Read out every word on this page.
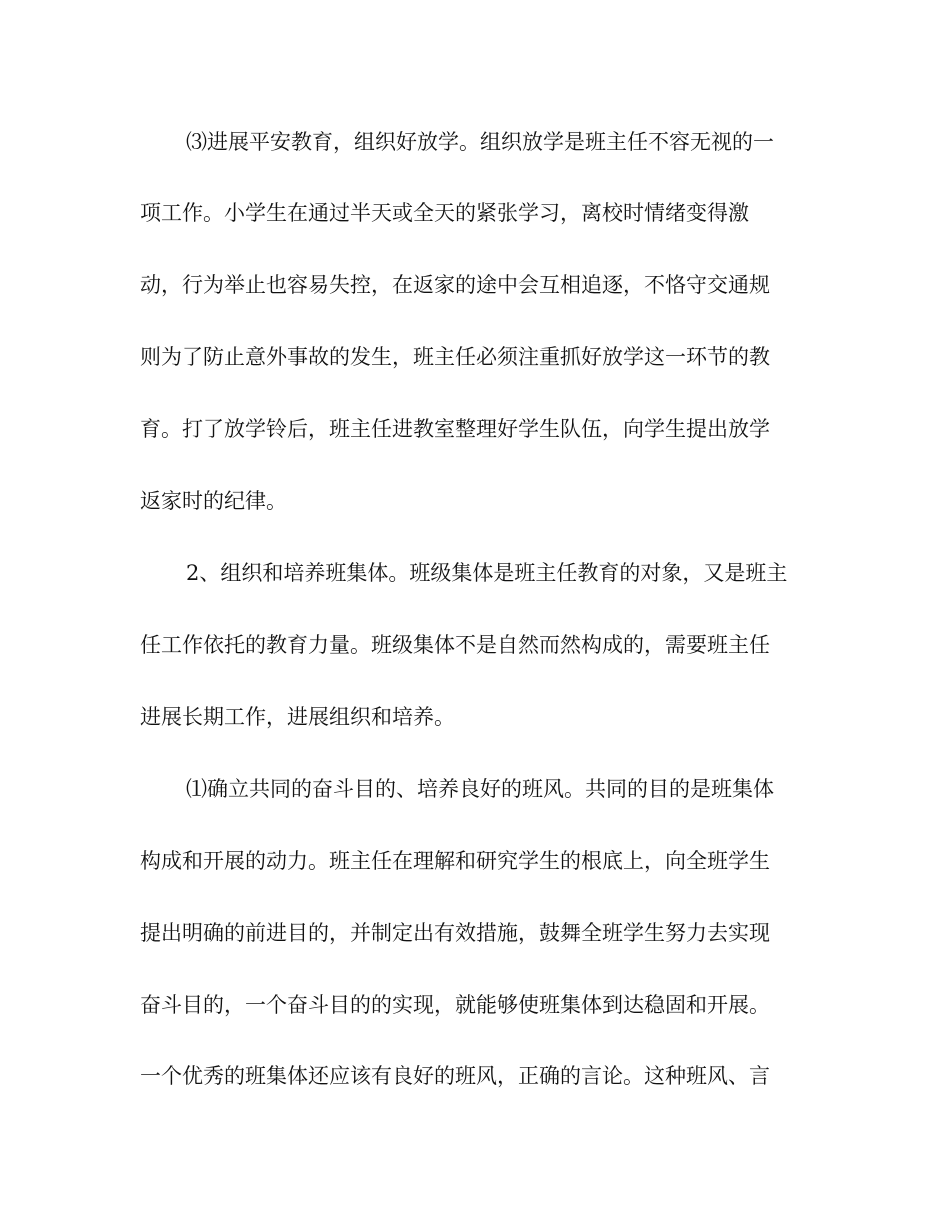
⑶进展平安教育，组织好放学。组织放学是班主任不容无视的一

项工作。小学生在通过半天或全天的紧张学习，离校时情绪变得激

动，行为举止也容易失控，在返家的途中会互相追逐，不恪守交通规

则为了防止意外事故的发生，班主任必须注重抓好放学这一环节的教

育。打了放学铃后，班主任进教室整理好学生队伍，向学生提出放学

返家时的纪律。

2、组织和培养班集体。班级集体是班主任教育的对象，又是班主

任工作依托的教育力量。班级集体不是自然而然构成的，需要班主任

进展长期工作，进展组织和培养。

⑴确立共同的奋斗目的、培养良好的班风。共同的目的是班集体

构成和开展的动力。班主任在理解和研究学生的根底上，向全班学生

提出明确的前进目的，并制定出有效措施，鼓舞全班学生努力去实现

奋斗目的，一个奋斗目的的实现，就能够使班集体到达稳固和开展。

一个优秀的班集体还应该有良好的班风，正确的言论。这种班风、言
